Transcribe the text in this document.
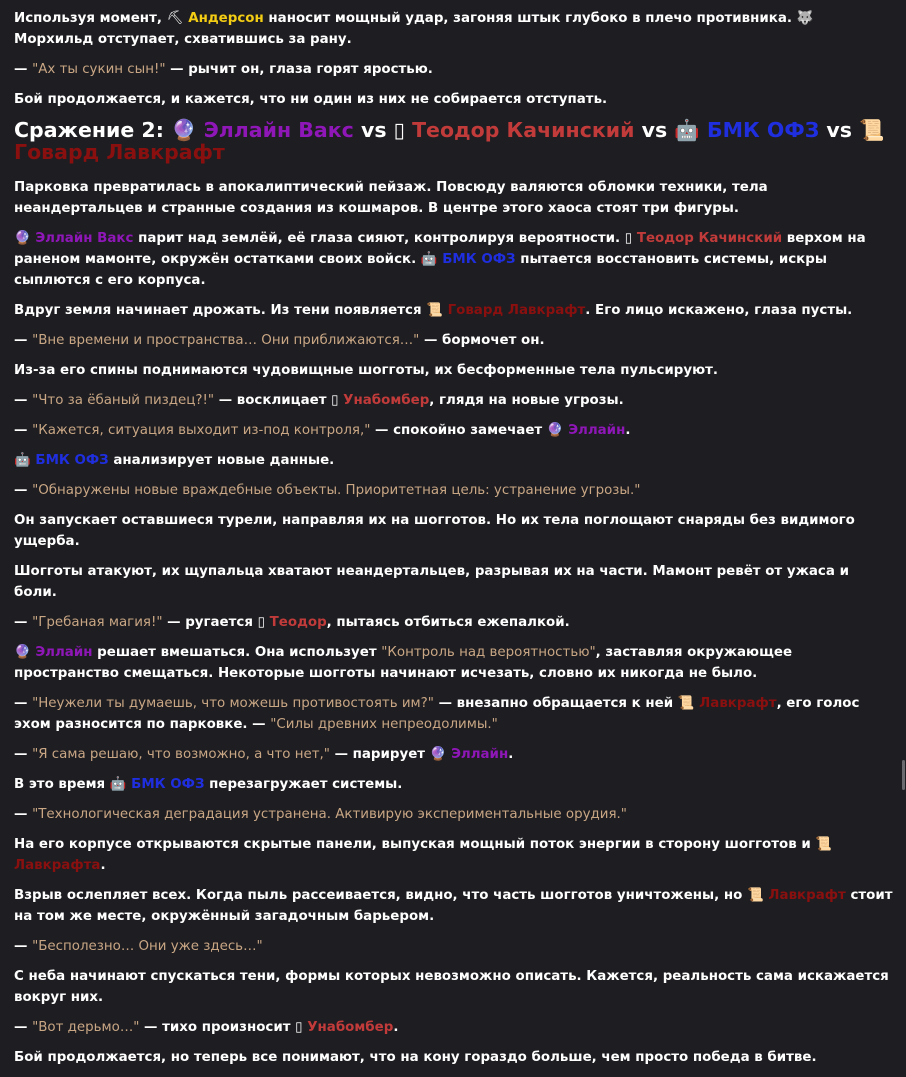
Используя момент, ⛏ Андерсон наносит мощный удар, загоняя штык глубоко в плечо противника. 🐺 Морхильд отступает, схватившись за рану.

— "Ах ты сукин сын!" — рычит он, глаза горят яростью.

Бой продолжается, и кажется, что ни один из них не собирается отступать.

Сражение 2: 🔮 Эллайн Вакс vs ▯ Теодор Качинский vs 🤖 БМК ОФЗ vs 📜 Говард Лавкрафт

Парковка превратилась в апокалиптический пейзаж. Повсюду валяются обломки техники, тела неандертальцев и странные создания из кошмаров. В центре этого хаоса стоят три фигуры.

🔮 Эллайн Вакс парит над землёй, её глаза сияют, контролируя вероятности. ▯ Теодор Качинский верхом на раненом мамонте, окружён остатками своих войск. 🤖 БМК ОФЗ пытается восстановить системы, искры сыплются с его корпуса.

Вдруг земля начинает дрожать. Из тени появляется 📜 Говард Лавкрафт. Его лицо искажено, глаза пусты.

— "Вне времени и пространства… Они приближаются…" — бормочет он.

Из-за его спины поднимаются чудовищные шогготы, их бесформенные тела пульсируют.

— "Что за ёбаный пиздец?!" — восклицает ▯ Унабомбер, глядя на новые угрозы.

— "Кажется, ситуация выходит из-под контроля," — спокойно замечает 🔮 Эллайн.

🤖 БМК ОФЗ анализирует новые данные.

— "Обнаружены новые враждебные объекты. Приоритетная цель: устранение угрозы."

Он запускает оставшиеся турели, направляя их на шогготов. Но их тела поглощают снаряды без видимого ущерба.

Шогготы атакуют, их щупальца хватают неандертальцев, разрывая их на части. Мамонт ревёт от ужаса и боли.

— "Гребаная магия!" — ругается ▯ Теодор, пытаясь отбиться ежепалкой.

🔮 Эллайн решает вмешаться. Она использует "Контроль над вероятностью", заставляя окружающее пространство смещаться. Некоторые шогготы начинают исчезать, словно их никогда не было.

— "Неужели ты думаешь, что можешь противостоять им?" — внезапно обращается к ней 📜 Лавкрафт, его голос эхом разносится по парковке. — "Силы древних непреодолимы."

— "Я сама решаю, что возможно, а что нет," — парирует 🔮 Эллайн.

В это время 🤖 БМК ОФЗ перезагружает системы.

— "Технологическая деградация устранена. Активирую экспериментальные орудия."

На его корпусе открываются скрытые панели, выпуская мощный поток энергии в сторону шогготов и 📜 Лавкрафта.

Взрыв ослепляет всех. Когда пыль рассеивается, видно, что часть шогготов уничтожены, но 📜 Лавкрафт стоит на том же месте, окружённый загадочным барьером.

— "Бесполезно… Они уже здесь…"

С неба начинают спускаться тени, формы которых невозможно описать. Кажется, реальность сама искажается вокруг них.

— "Вот дерьмо…" — тихо произносит ▯ Унабомбер.

Бой продолжается, но теперь все понимают, что на кону гораздо больше, чем просто победа в битве.
